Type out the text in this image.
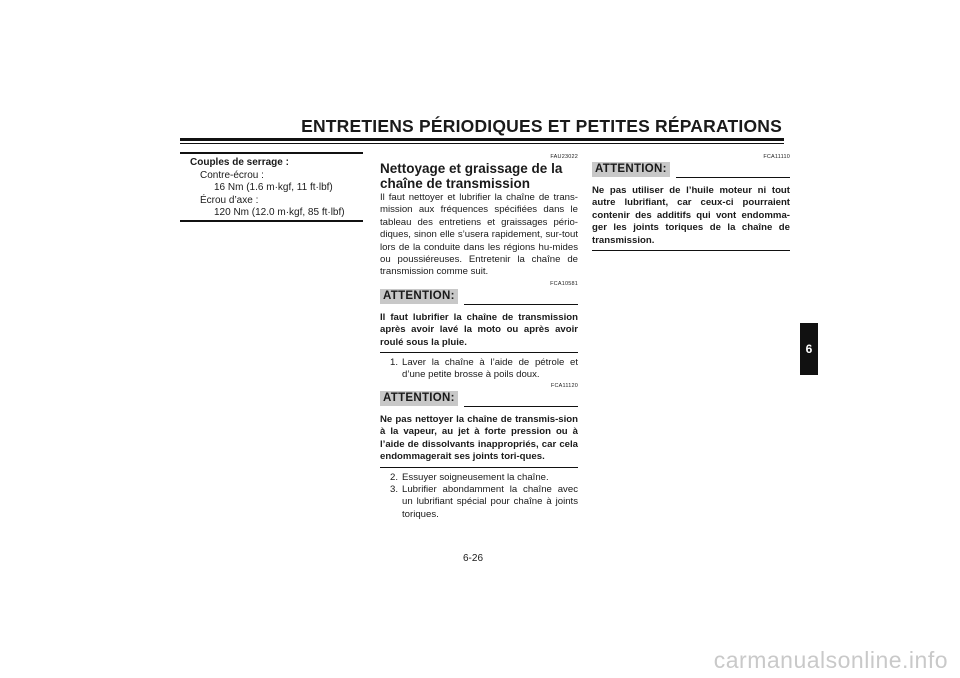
ENTRETIENS PÉRIODIQUES ET PETITES RÉPARATIONS
Couples de serrage :
Contre-écrou :
16 Nm (1.6 m·kgf, 11 ft·lbf)
Écrou d’axe :
120 Nm (12.0 m·kgf, 85 ft·lbf)
FAU23022
Nettoyage et graissage de la
chaîne de transmission
Il faut nettoyer et lubrifier la chaîne de trans-mission aux fréquences spécifiées dans le tableau des entretiens et graissages pério-diques, sinon elle s’usera rapidement, sur-tout lors de la conduite dans les régions hu-mides ou poussiéreuses. Entretenir la chaîne de transmission comme suit.
FCA10581
ATTENTION:
Il faut lubrifier la chaîne de transmission après avoir lavé la moto ou après avoir roulé sous la pluie.
1. Laver la chaîne à l’aide de pétrole et d’une petite brosse à poils doux.
FCA11120
ATTENTION:
Ne pas nettoyer la chaîne de transmis-sion à la vapeur, au jet à forte pression ou à l’aide de dissolvants inappropriés, car cela endommagerait ses joints tori-ques.
2. Essuyer soigneusement la chaîne.
3. Lubrifier abondamment la chaîne avec un lubrifiant spécial pour chaîne à joints toriques.
FCA11110
ATTENTION:
Ne pas utiliser de l’huile moteur ni tout autre lubrifiant, car ceux-ci pourraient contenir des additifs qui vont endomma-ger les joints toriques de la chaîne de transmission.
6-26
6
carmanualsonline.info
